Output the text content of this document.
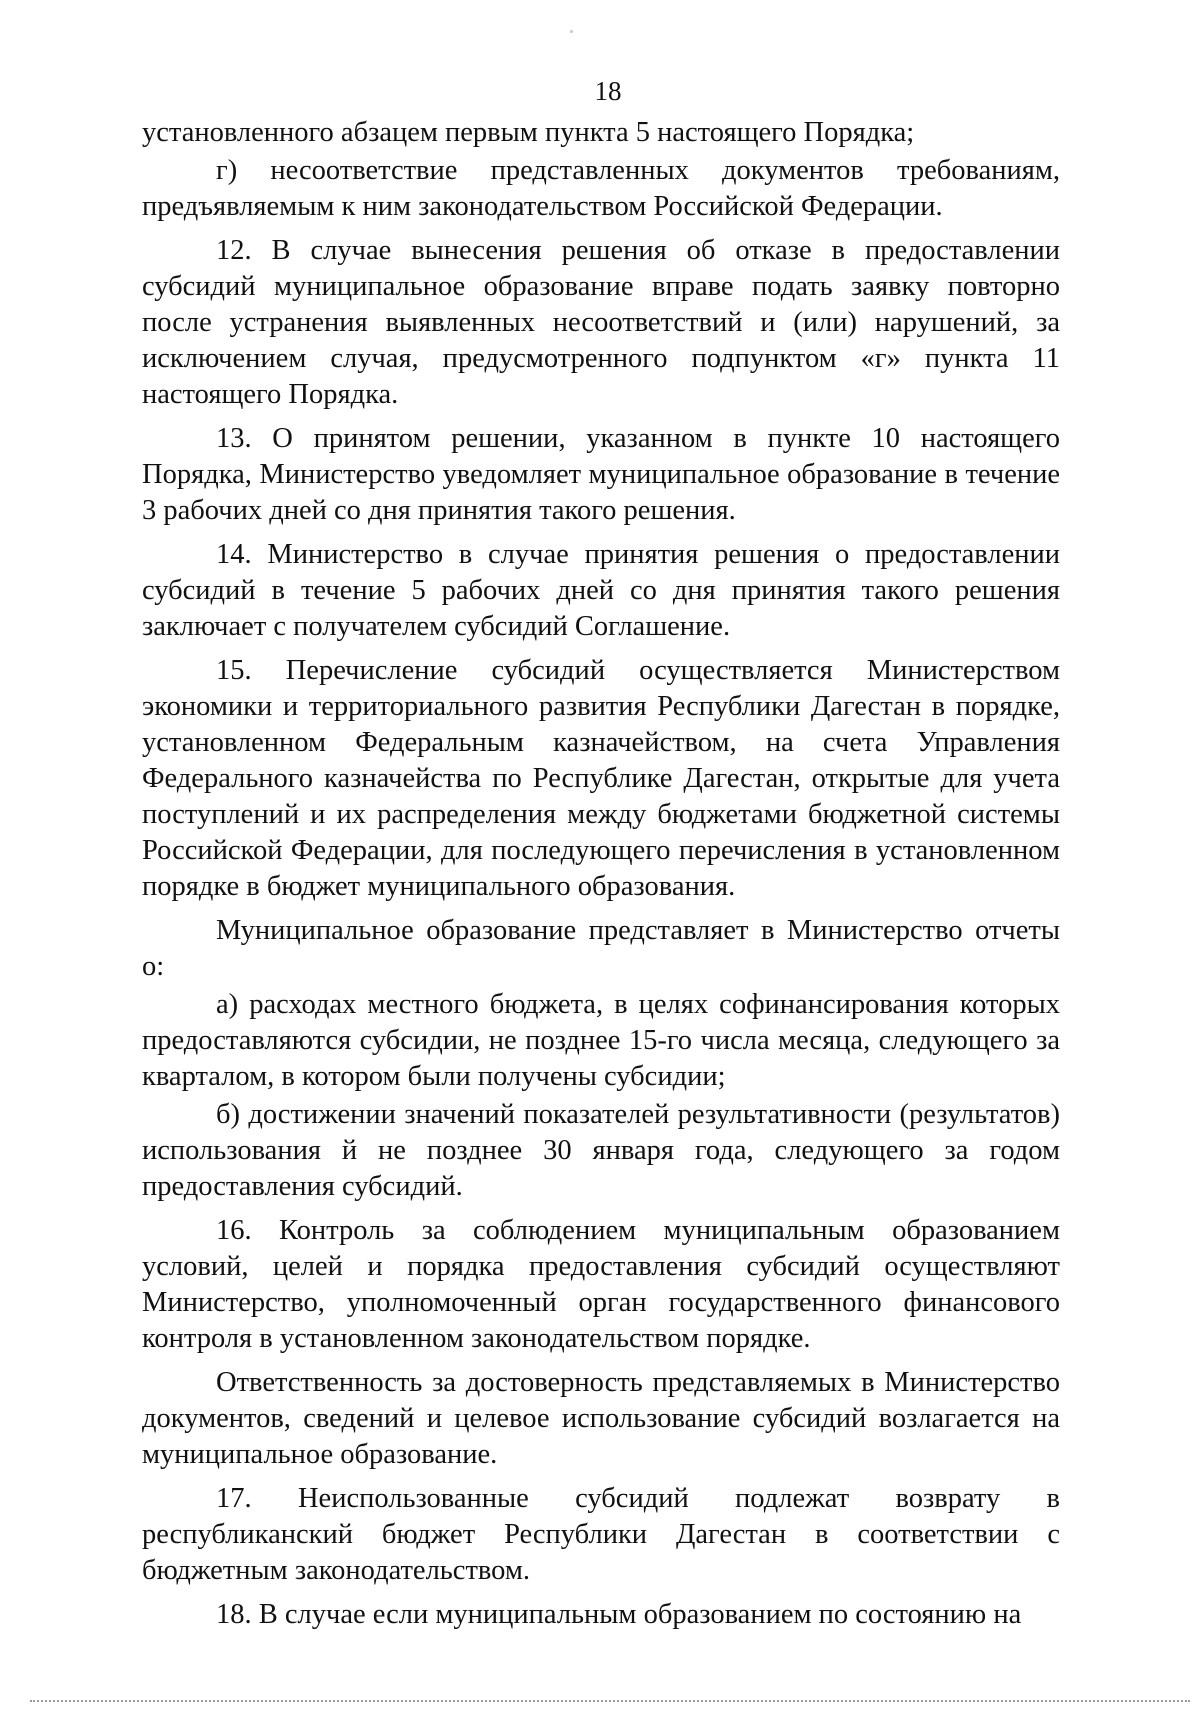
18

установленного абзацем первым пункта 5 настоящего Порядка;

г) несоответствие представленных документов требованиям, предъявляемым к ним законодательством Российской Федерации.

12. В случае вынесения решения об отказе в предоставлении субсидий муниципальное образование вправе подать заявку повторно после устранения выявленных несоответствий и (или) нарушений, за исключением случая, предусмотренного подпунктом «г» пункта 11 настоящего Порядка.

13. О принятом решении, указанном в пункте 10 настоящего Порядка, Министерство уведомляет муниципальное образование в течение 3 рабочих дней со дня принятия такого решения.

14. Министерство в случае принятия решения о предоставлении субсидий в течение 5 рабочих дней со дня принятия такого решения заключает с получателем субсидий Соглашение.

15. Перечисление субсидий осуществляется Министерством экономики и территориального развития Республики Дагестан в порядке, установленном Федеральным казначейством, на счета Управления Федерального казначейства по Республике Дагестан, открытые для учета поступлений и их распределения между бюджетами бюджетной системы Российской Федерации, для последующего перечисления в установленном порядке в бюджет муниципального образования.

Муниципальное образование представляет в Министерство отчеты о:

а) расходах местного бюджета, в целях софинансирования которых предоставляются субсидии, не позднее 15-го числа месяца, следующего за кварталом, в котором были получены субсидии;

б) достижении значений показателей результативности (результатов) использования й не позднее 30 января года, следующего за годом предоставления субсидий.

16. Контроль за соблюдением муниципальным образованием условий, целей и порядка предоставления субсидий осуществляют Министерство, уполномоченный орган государственного финансового контроля в установленном законодательством порядке.

Ответственность за достоверность представляемых в Министерство документов, сведений и целевое использование субсидий возлагается на муниципальное образование.

17. Неиспользованные субсидий подлежат возврату в республиканский бюджет Республики Дагестан в соответствии с бюджетным законодательством.

18. В случае если муниципальным образованием по состоянию на
